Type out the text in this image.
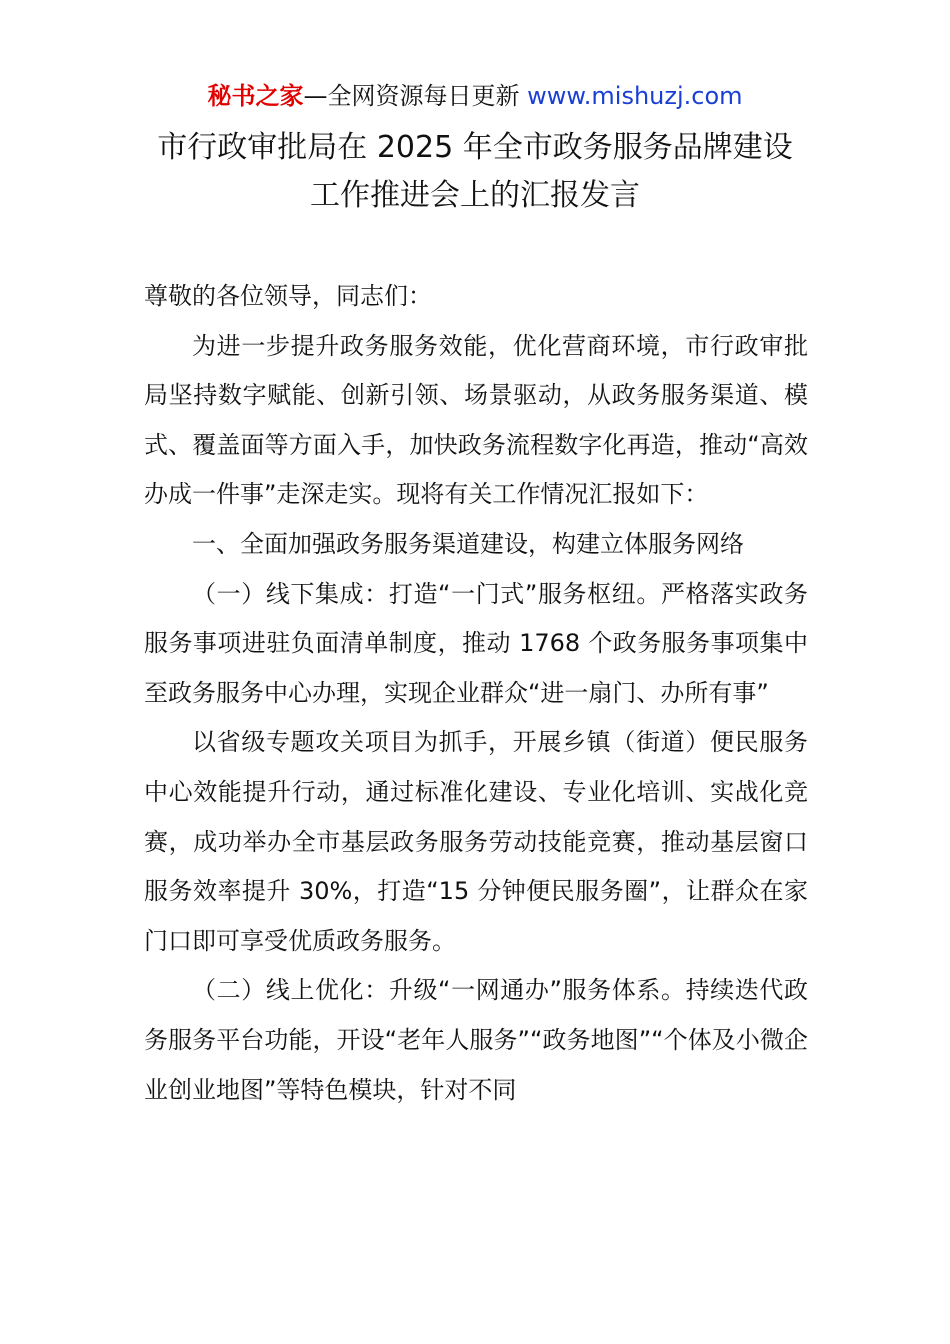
秘书之家—全网资源每日更新 www.mishuzj.com
市行政审批局在 2025 年全市政务服务品牌建设
工作推进会上的汇报发言

尊敬的各位领导，同志们：

为进一步提升政务服务效能，优化营商环境，市行政审批局坚持数字赋能、创新引领、场景驱动，从政务服务渠道、模式、覆盖面等方面入手，加快政务流程数字化再造，推动“高效办成一件事”走深走实。现将有关工作情况汇报如下：

一、全面加强政务服务渠道建设，构建立体服务网络

（一）线下集成：打造“一门式”服务枢纽。严格落实政务服务事项进驻负面清单制度，推动 1768 个政务服务事项集中至政务服务中心办理，实现企业群众“进一扇门、办所有事”

以省级专题攻关项目为抓手，开展乡镇（街道）便民服务中心效能提升行动，通过标准化建设、专业化培训、实战化竞赛，成功举办全市基层政务服务劳动技能竞赛，推动基层窗口服务效率提升 30%，打造“15 分钟便民服务圈”，让群众在家门口即可享受优质政务服务。

（二）线上优化：升级“一网通办”服务体系。持续迭代政务服务平台功能，开设“老年人服务”“政务地图”“个体及小微企业创业地图”等特色模块，针对不同
